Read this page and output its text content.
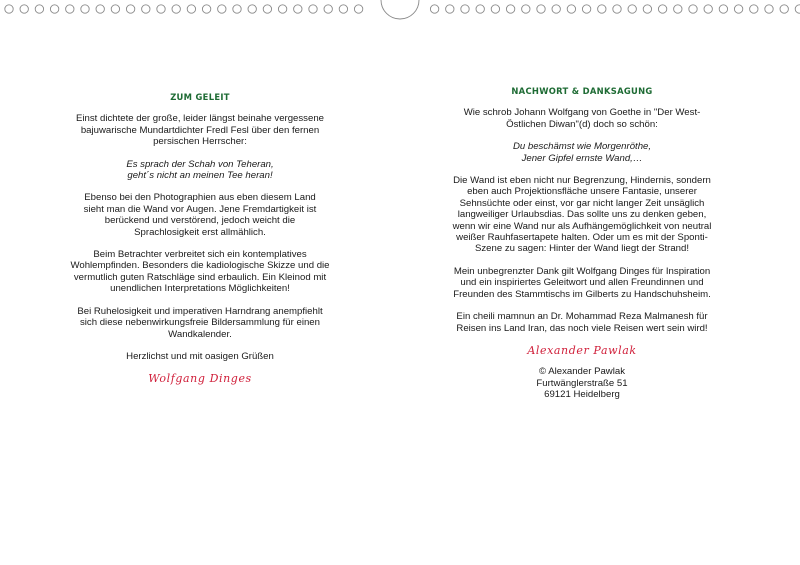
ZUM GELEIT

Einst dichtete der große, leider längst beinahe vergessene
bajuwarische Mundartdichter Fredl Fesl über den fernen
persischen Herrscher:

Es sprach der Schah von Teheran,
geht´s nicht an meinen Tee heran!

Ebenso bei den Photographien aus eben diesem Land
sieht man die Wand vor Augen. Jene Fremdartigkeit ist
berückend und verstörend, jedoch weicht die
Sprachlosigkeit erst allmählich.

Beim Betrachter verbreitet sich ein kontemplatives
Wohlempfinden. Besonders die kadiologische Skizze und die
vermutlich guten Ratschläge sind erbaulich. Ein Kleinod mit
unendlichen Interpretations Möglichkeiten!

Bei Ruhelosigkeit und imperativen Harndrang anempfiehlt
sich diese nebenwirkungsfreie Bildersammlung für einen
Wandkalender.

Herzlichst und mit oasigen Grüßen

Wolfgang Dinges
NACHWORT & DANKSAGUNG

Wie schrob Johann Wolfgang von Goethe in "Der West-
Östlichen Diwan"(d) doch so schön:

Du beschämst wie Morgenröthe,
Jener Gipfel ernste Wand,…

Die Wand ist eben nicht nur Begrenzung, Hindernis, sondern
eben auch Projektionsfläche unsere Fantasie, unserer
Sehnsüchte oder einst, vor gar nicht langer Zeit unsäglich
langweiliger Urlaubsdias. Das sollte uns zu denken geben,
wenn wir eine Wand nur als Aufhängemöglichkeit von neutral
weißer Rauhfasertapete halten. Oder um es mit der Sponti-
Szene zu sagen: Hinter der Wand liegt der Strand!

Mein unbegrenzter Dank gilt Wolfgang Dinges für Inspiration
und ein inspiriertes Geleitwort und allen Freundinnen und
Freunden des Stammtischs im Gilberts zu Handschuhsheim.

Ein cheili mamnun an Dr. Mohammad Reza Malmanesh für
Reisen ins Land Iran, das noch viele Reisen wert sein wird!

Alexander Pawlak
© Alexander Pawlak
Furtwänglerstraße 51
69121 Heidelberg
